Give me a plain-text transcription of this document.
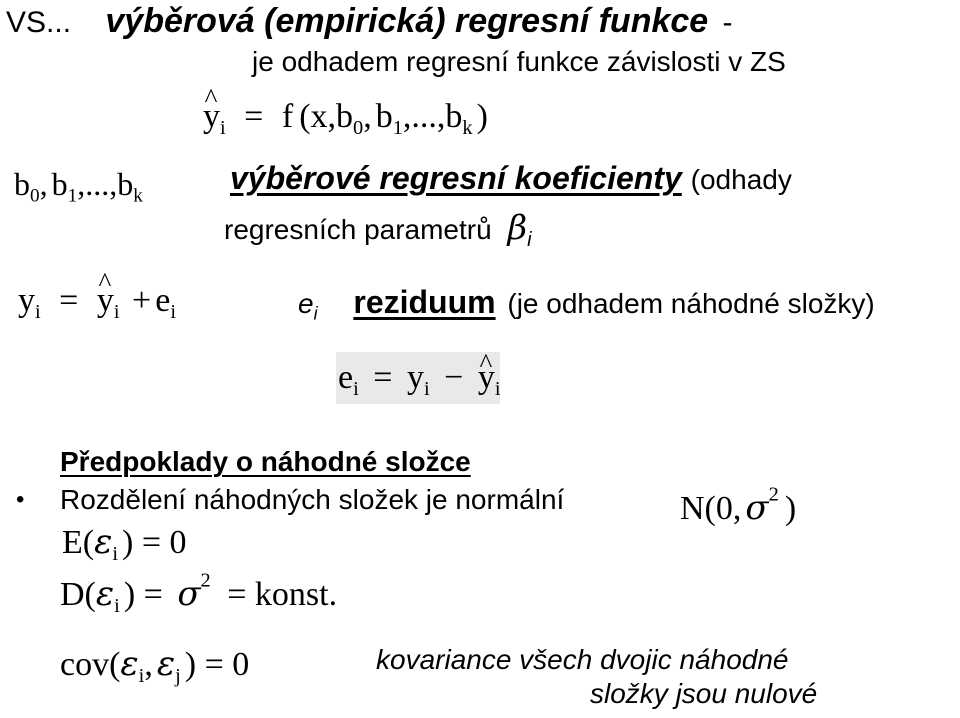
VS... výběrová (empirická) regresní funkce -
je odhadem regresní funkce závislosti v ZS
^ $y_i = f$ ($x,b_0$, $b_1,...,b_k$ )
$b_0$, $b_1,...,b_k$
výběrové regresní koeficienty (odhady
regresních parametrů $\beta_i$
$y_i$ = ^ $y_i + e_i$	$e_i$ reziduum (je odhadem náhodné složky)
$e_i = y_i$ − ^ $y_i$
Předpoklady o náhodné složce
• Rozdělení náhodných složek je normální	N(0, $\sigma^2$ )
$E(\varepsilon_i$ ) = 0
$D(\varepsilon_i$ ) = $\sigma^2$ = konst.
$cov(\varepsilon_i$, $\varepsilon_j$ ) = 0	kovariance všech dvojic náhodné
složky jsou nulové
